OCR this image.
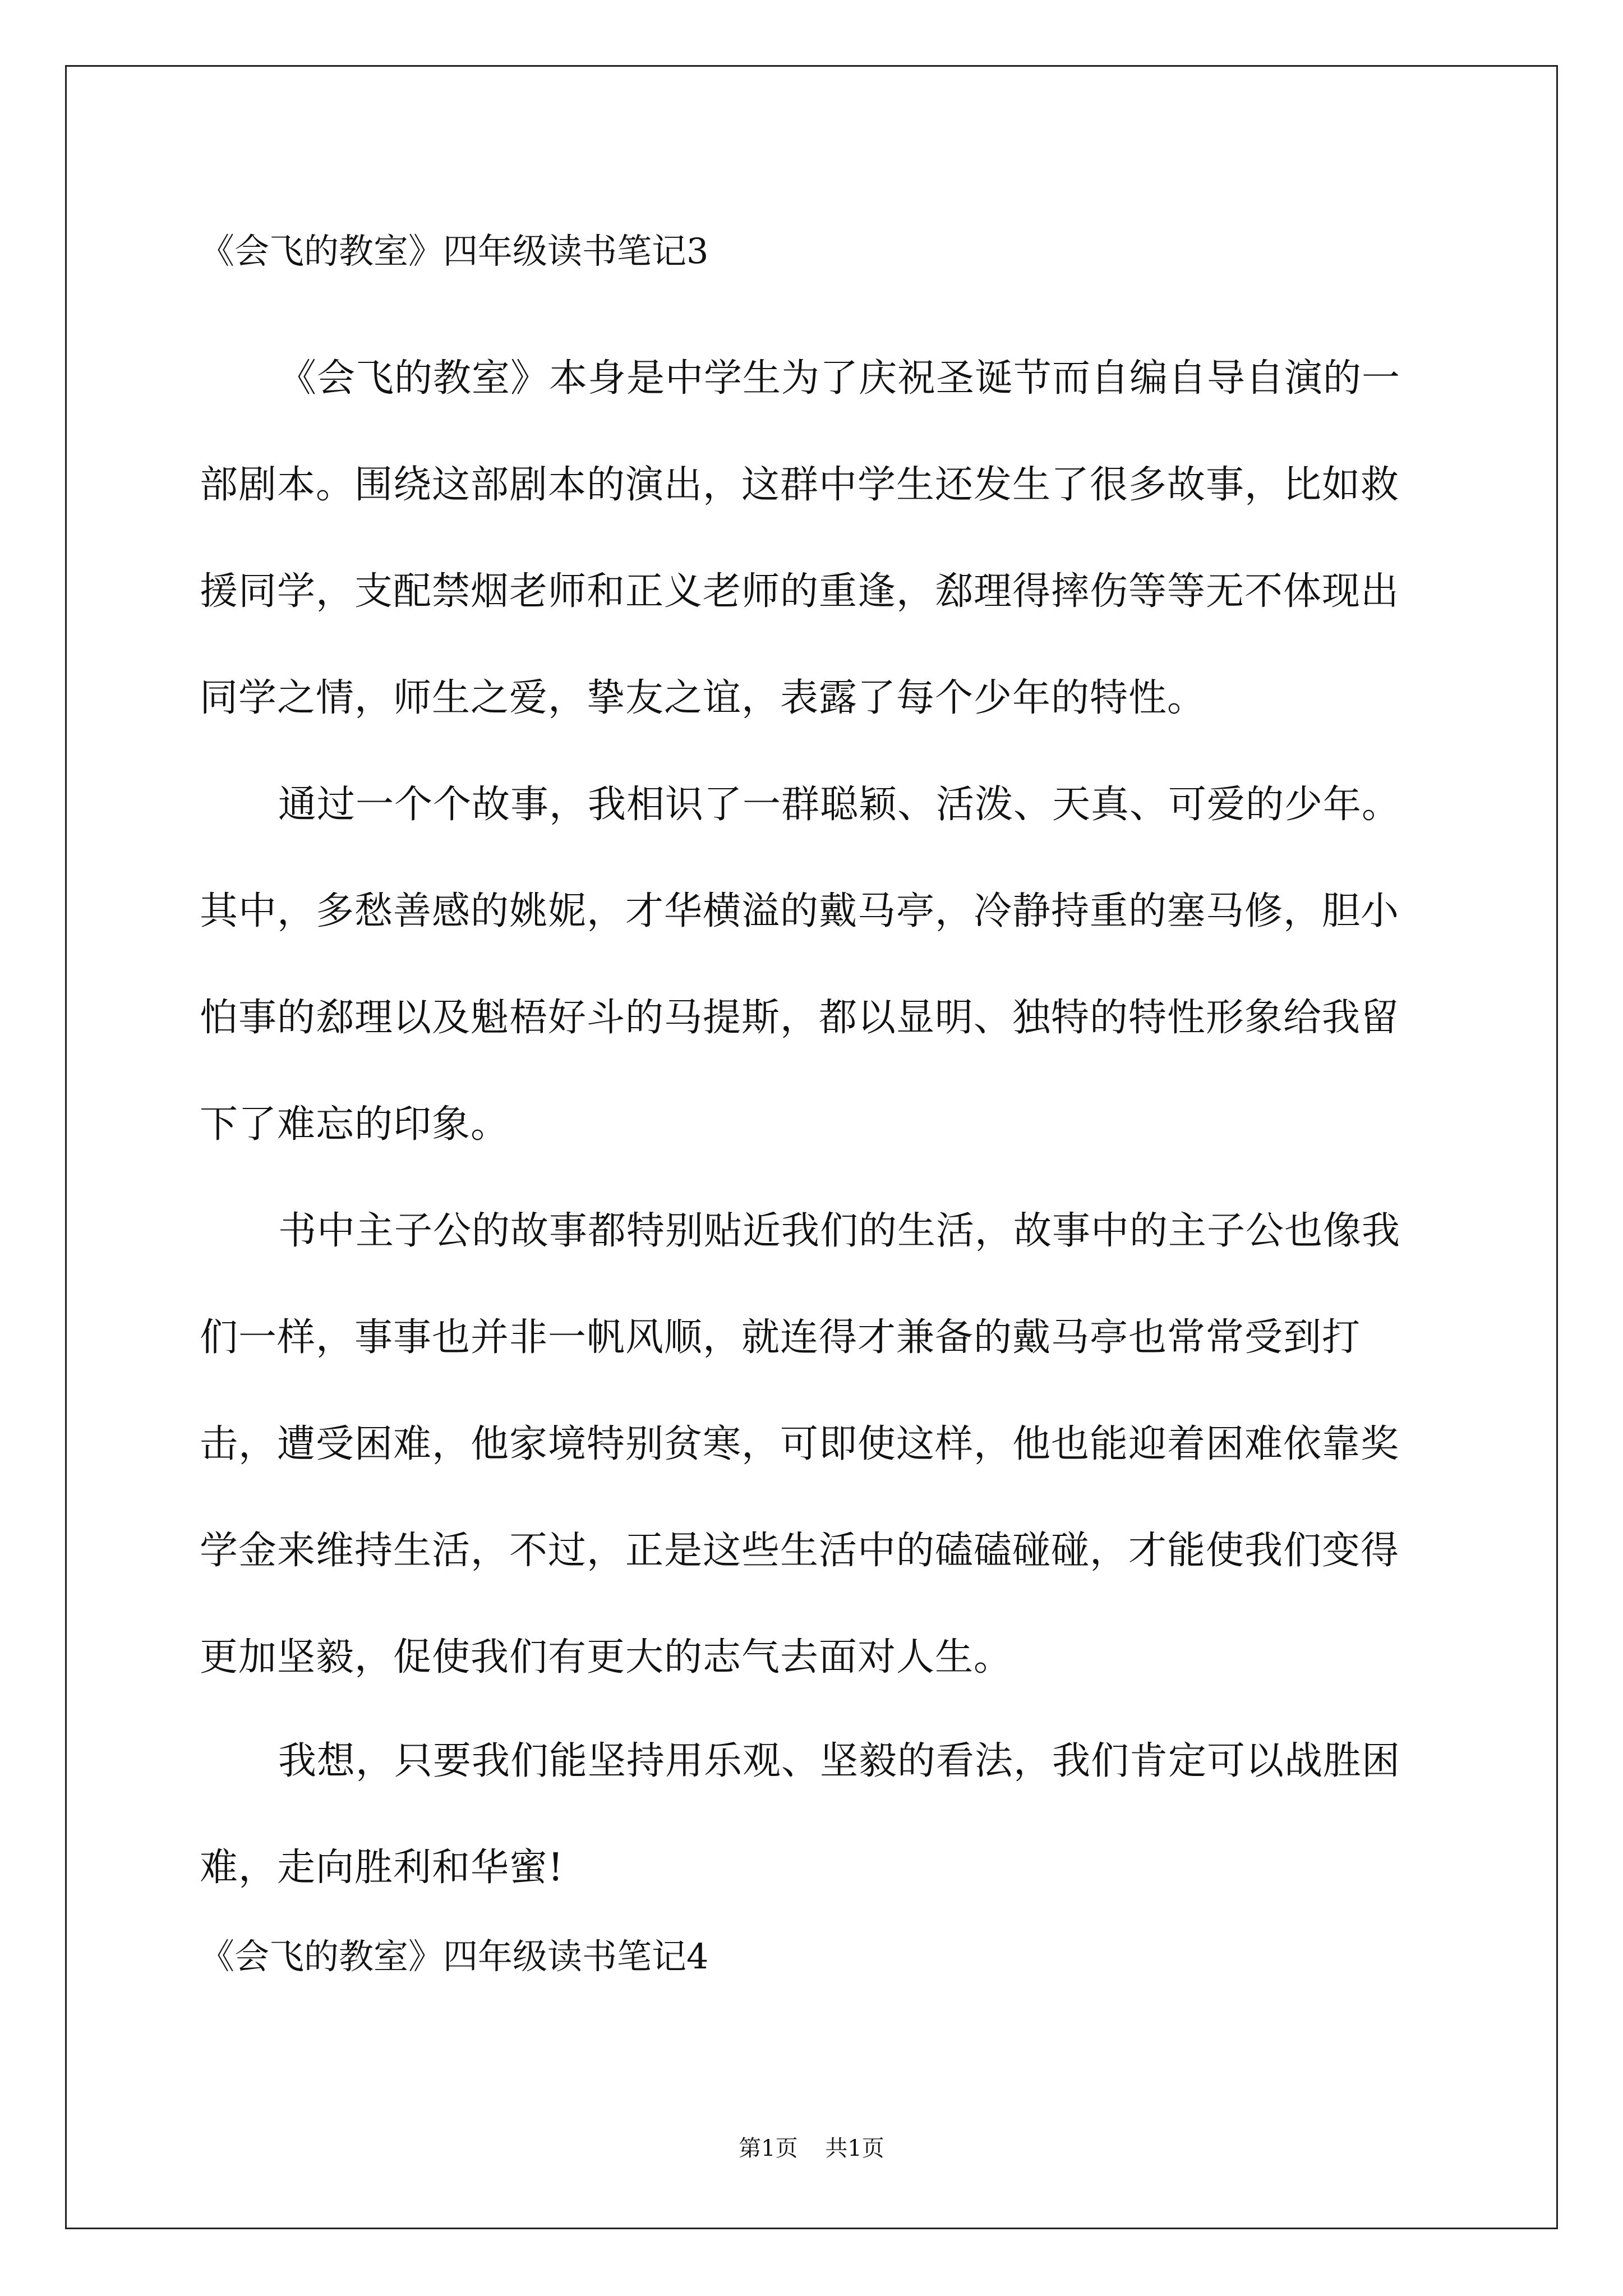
《会飞的教室》四年级读书笔记3

《会飞的教室》本身是中学生为了庆祝圣诞节而自编自导自演的一部剧本。围绕这部剧本的演出，这群中学生还发生了很多故事，比如救援同学，支配禁烟老师和正义老师的重逢，郄理得摔伤等等无不体现出同学之情，师生之爱，挚友之谊，表露了每个少年的特性。

通过一个个故事，我相识了一群聪颖、活泼、天真、可爱的少年。其中，多愁善感的姚妮，才华横溢的戴马亭，冷静持重的塞马修，胆小怕事的郄理以及魁梧好斗的马提斯，都以显明、独特的特性形象给我留下了难忘的印象。

书中主子公的故事都特别贴近我们的生活，故事中的主子公也像我们一样，事事也并非一帆风顺，就连得才兼备的戴马亭也常常受到打击，遭受困难，他家境特别贫寒，可即使这样，他也能迎着困难依靠奖学金来维持生活，不过，正是这些生活中的磕磕碰碰，才能使我们变得更加坚毅，促使我们有更大的志气去面对人生。

我想，只要我们能坚持用乐观、坚毅的看法，我们肯定可以战胜困难，走向胜利和华蜜!

《会飞的教室》四年级读书笔记4
第1页 共1页
